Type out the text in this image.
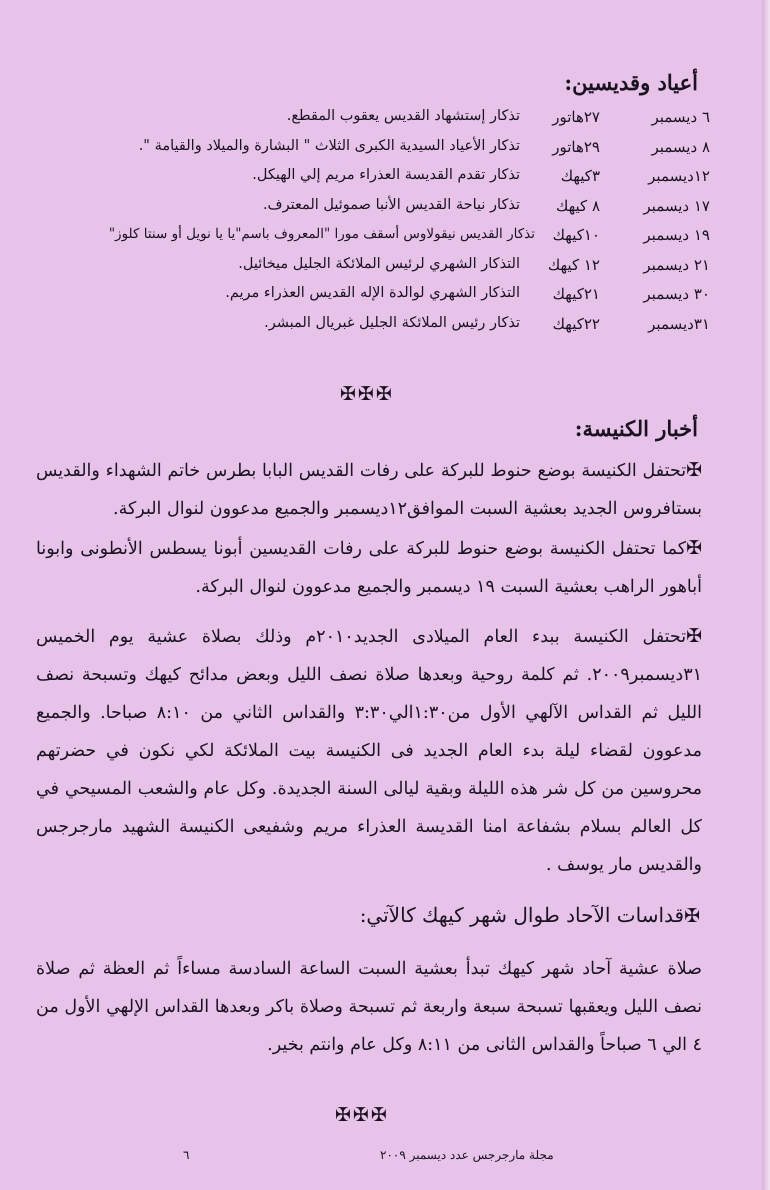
أعياد وقديسين:
٦ ديسمبر
٢٧هاتور
تذكار إستشهاد القديس يعقوب المقطع.
٨ ديسمبر
٢٩هاتور
تذكار الأعياد السيدية الكبرى الثلاث " البشارة والميلاد والقيامة ".
١٢ديسمبر
٣كيهك
تذكار تقدم القديسة العذراء مريم إلي الهيكل.
١٧ ديسمبر
٨ كيهك
تذكار نياحة القديس الأنبا صموئيل المعترف.
١٩ ديسمبر
١٠كيهك
تذكار القديس نيقولاوس أسقف مورا "المعروف باسم"يا يا نويل أو سنتا كلوز"
٢١ ديسمبر
١٢ كيهك
التذكار الشهري لرئيس الملائكة الجليل ميخائيل.
٣٠ ديسمبر
٢١كيهك
التذكار الشهري لوالدة الإله القديس العذراء مريم.
٣١ديسمبر
٢٢كيهك
تذكار رئيس الملائكة الجليل غبريال المبشر.
✠✠✠
أخبار الكنيسة:
✠تحتفل الكنيسة بوضع حنوط للبركة على رفات القديس البابا بطرس خاتم الشهداء والقديس بستافروس الجديد بعشية السبت الموافق١٢ديسمبر والجميع مدعوون لنوال البركة.
✠كما تحتفل الكنيسة بوضع حنوط للبركة على رفات القديسين أبونا يسطس الأنطونى وابونا أباهور الراهب بعشية السبت ١٩ ديسمبر والجميع مدعوون لنوال البركة.
✠تحتفل الكنيسة ببدء العام الميلادى الجديد٢٠١٠م وذلك بصلاة عشية يوم الخميس ٣١ديسمبر٢٠٠٩. ثم كلمة روحية وبعدها صلاة نصف الليل وبعض مدائح كيهك وتسبحة نصف الليل ثم القداس الآلهي الأول من١:٣٠الي٣:٣٠ والقداس الثاني من ٨:١٠ صباحا. والجميع مدعوون لقضاء ليلة بدء العام الجديد فى الكنيسة بيت الملائكة لكي نكون في حضرتهم محروسين من كل شر هذه الليلة وبقية ليالى السنة الجديدة. وكل عام والشعب المسيحي في كل العالم بسلام بشفاعة امنا القديسة العذراء مريم وشفيعى الكنيسة الشهيد مارجرجس والقديس مار يوسف .
✠قداسات الآحاد طوال شهر كيهك كالآتي:
صلاة عشية آحاد شهر كيهك تبدأ بعشية السبت الساعة السادسة مساءاً ثم العظة ثم صلاة نصف الليل ويعقبها تسبحة سبعة واربعة ثم تسبحة وصلاة باكر وبعدها القداس الإلهي الأول من ٤ الي ٦ صباحاً والقداس الثانى من ٨:١١ وكل عام وانتم بخير.
✠✠✠
مجلة مارجرجس عدد ديسمبر ٢٠٠٩
٦
